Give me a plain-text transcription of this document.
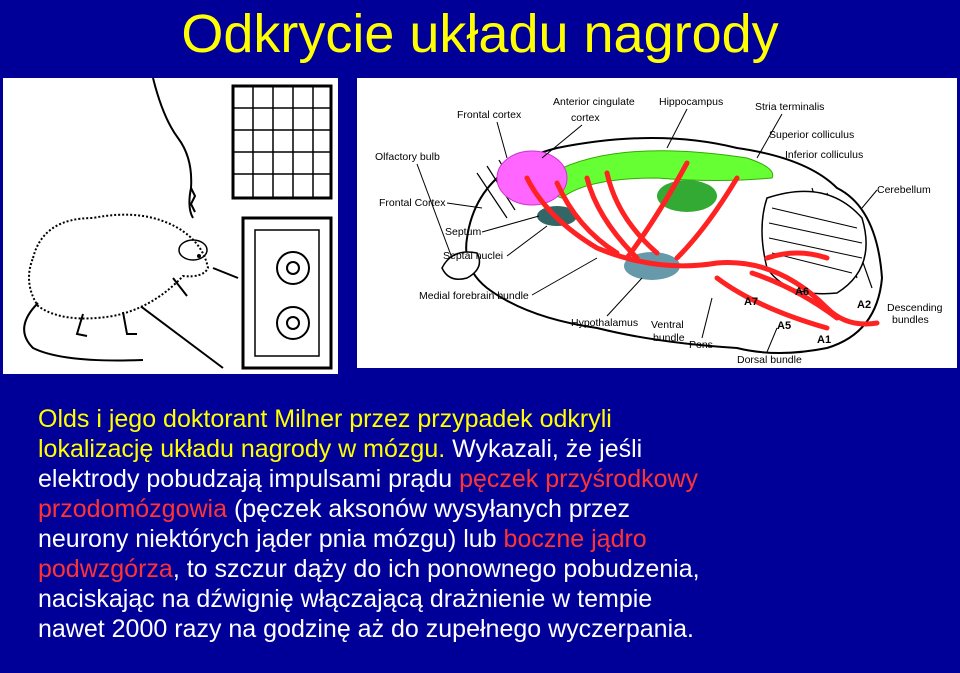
Odkrycie układu nagrody
Frontal cortex
Anterior cingulate
cortex
Hippocampus	Stria terminalis
Superior colliculus
Inferior colliculus
Olfactory bulb
Frontal Cortex
Cerebellum
Septum
Septal nuclei
Medial forebrain bundle	A6
A7	A2
A5
A1
Descending
bundles
Hypothalamus Ventral
bundle
Pons
Dorsal bundle
Olds i jego doktorant Milner przez przypadek odkryli
lokalizację układu nagrody w mózgu. Wykazali, że jeśli
elektrody pobudzają impulsami prądu pęczek przyśrodkowy
przodomózgowia (pęczek aksonów wysyłanych przez
neurony niektórych jąder pnia mózgu) lub boczne jądro
podwzgórza, to szczur dąży do ich ponownego pobudzenia,
naciskając na dźwignię włączającą drażnienie w tempie
nawet 2000 razy na godzinę aż do zupełnego wyczerpania.
